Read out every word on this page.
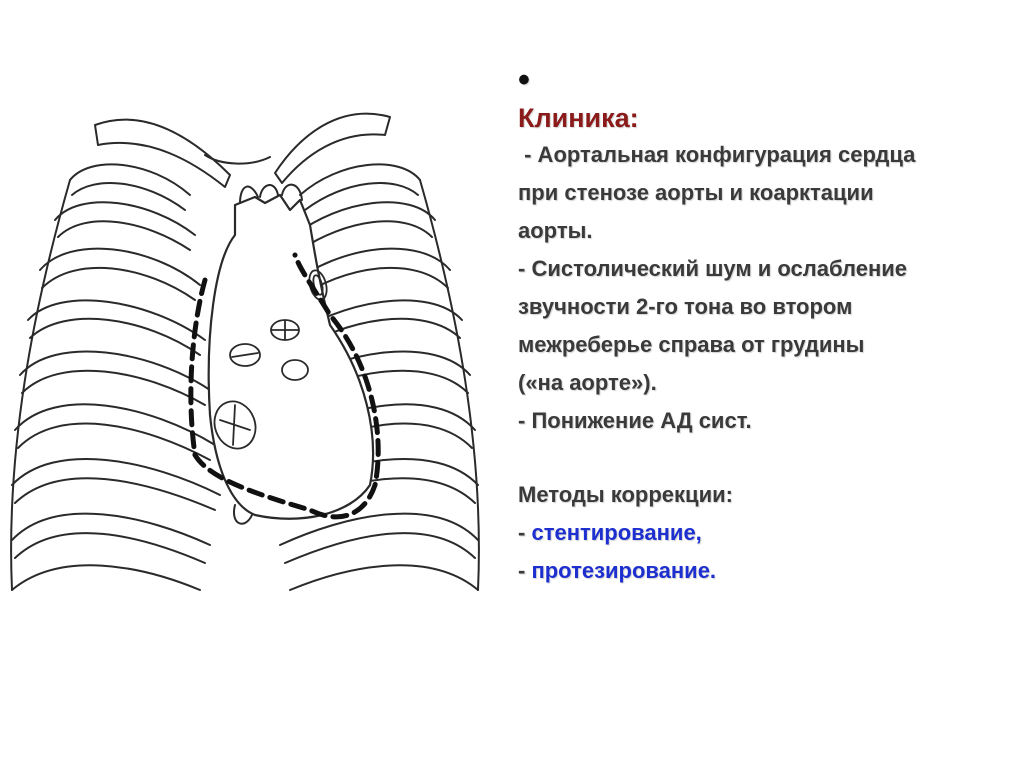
•
Клиника:
- Аортальная конфигурация сердца
при стенозе аорты и коарктации
аорты.
- Систолический шум и ослабление
звучности 2-го тона во втором
межреберье справа от грудины
(«на аорте»).
- Понижение АД сист.
Методы коррекции:
- стентирование,
- протезирование.
